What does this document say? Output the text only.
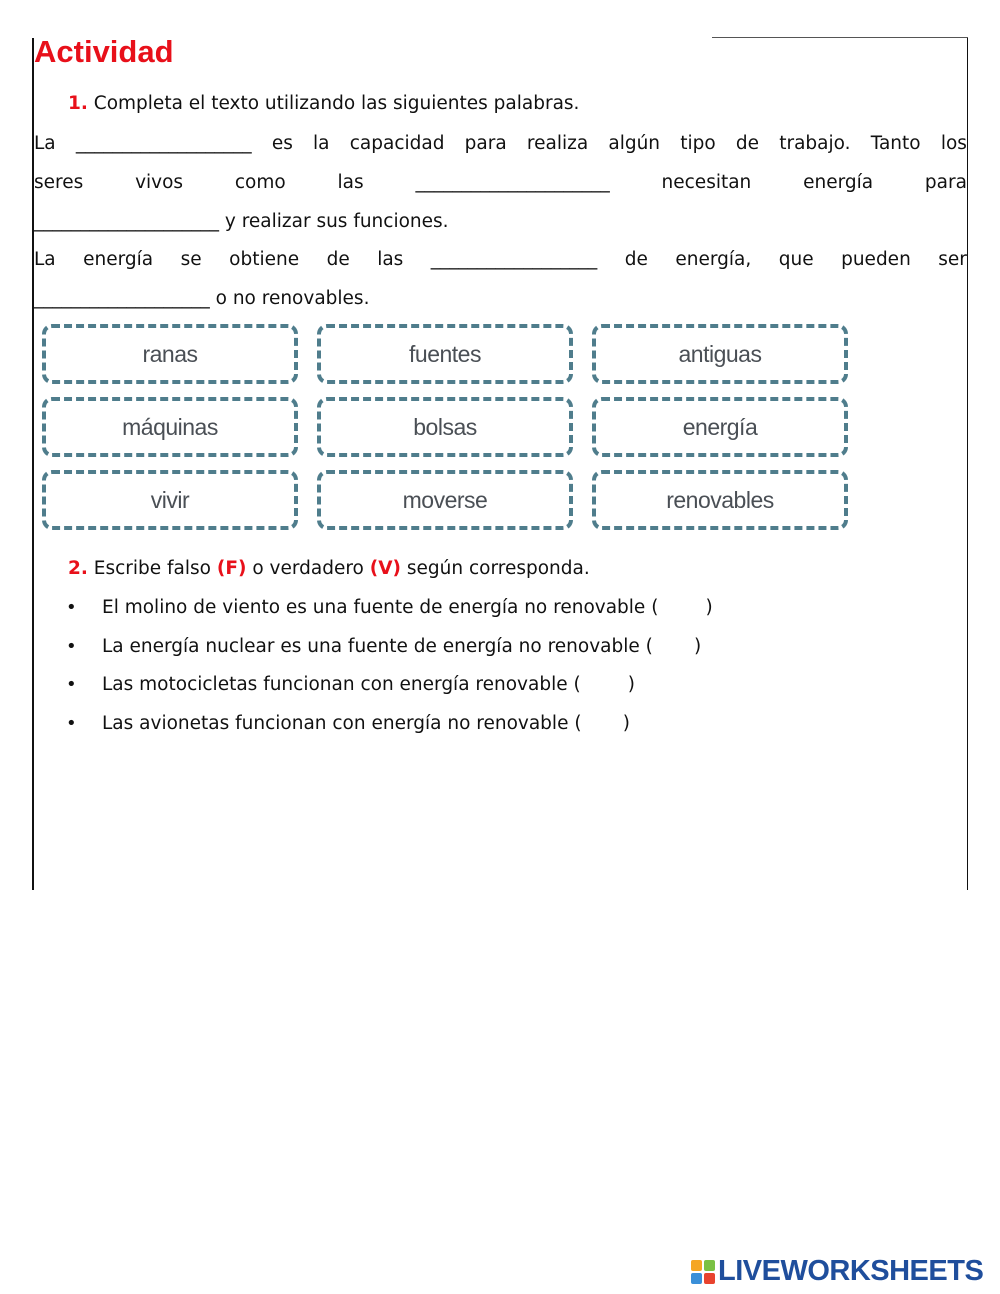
Actividad
1. Completa el texto utilizando las siguientes palabras.
La ___________________ es la capacidad para realiza algún tipo de trabajo. Tanto los
seres	vivos	como	las	_____________________	necesitan	energía	para
____________________ y realizar sus funciones.
La energía se obtiene de las __________________ de energía, que pueden ser
___________________ o no renovables.
ranas	fuentes	antiguas
máquinas	bolsas	energía
vivir	moverse	renovables
2. Escribe falso (F) o verdadero (V) según corresponda.
• El molino de viento es una fuente de energía no renovable (        )
• La energía nuclear es una fuente de energía no renovable (       )
• Las motocicletas funcionan con energía renovable (        )
• Las avionetas funcionan con energía no renovable (       )
LIVEWORKSHEETS
